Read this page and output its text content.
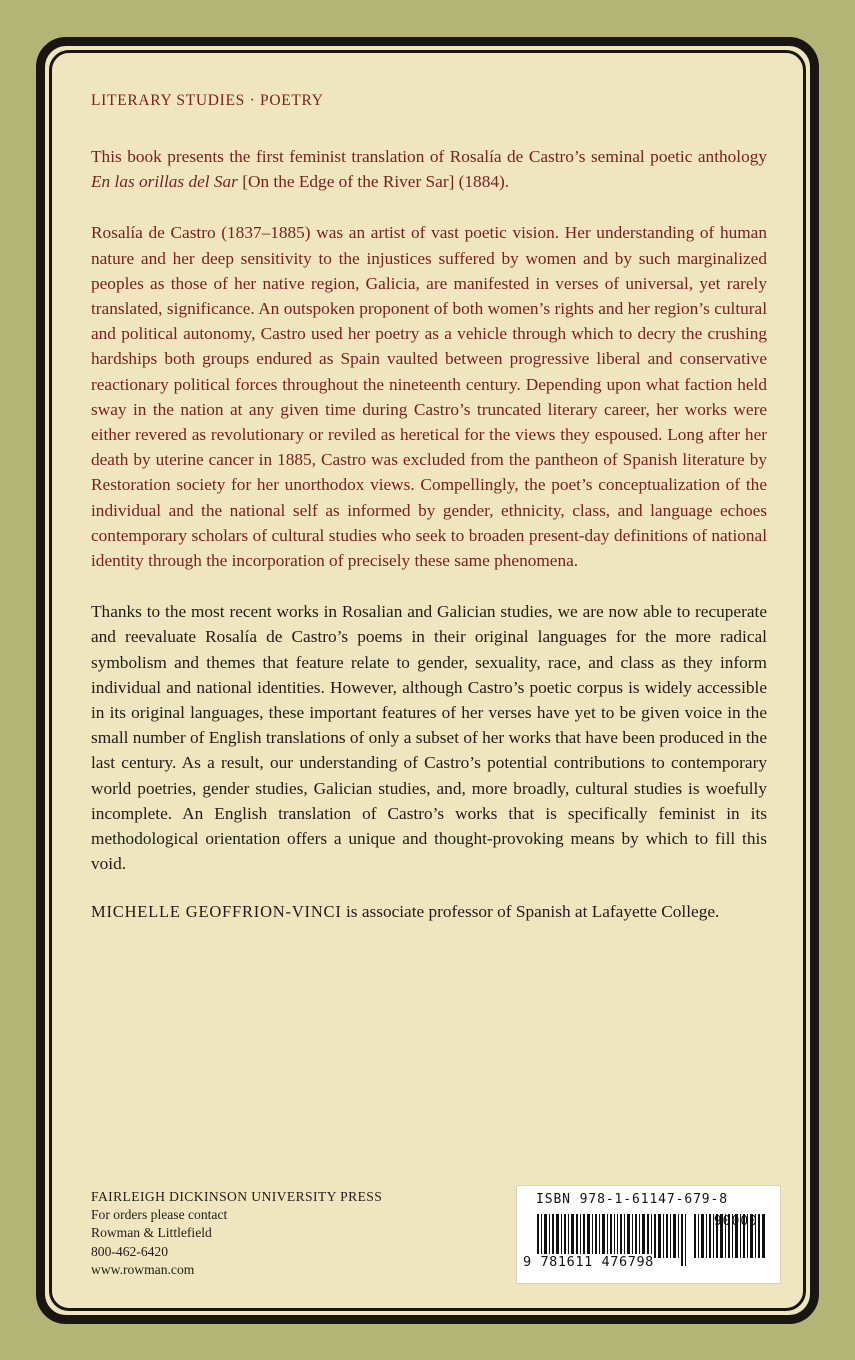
LITERARY STUDIES · POETRY

This book presents the first feminist translation of Rosalía de Castro’s seminal poetic anthology En las orillas del Sar [On the Edge of the River Sar] (1884).

Rosalía de Castro (1837–1885) was an artist of vast poetic vision. Her understanding of human nature and her deep sensitivity to the injustices suffered by women and by such marginalized peoples as those of her native region, Galicia, are manifested in verses of universal, yet rarely translated, significance. An outspoken proponent of both women’s rights and her region’s cultural and political autonomy, Castro used her poetry as a vehicle through which to decry the crushing hardships both groups endured as Spain vaulted between progressive liberal and conservative reactionary political forces throughout the nineteenth century. Depending upon what faction held sway in the nation at any given time during Castro’s truncated literary career, her works were either revered as revolutionary or reviled as heretical for the views they espoused. Long after her death by uterine cancer in 1885, Castro was excluded from the pantheon of Spanish literature by Restoration society for her unorthodox views. Compellingly, the poet’s conceptualization of the individual and the national self as informed by gender, ethnicity, class, and language echoes contemporary scholars of cultural studies who seek to broaden present-day definitions of national identity through the incorporation of precisely these same phenomena.

Thanks to the most recent works in Rosalian and Galician studies, we are now able to recuperate and reevaluate Rosalía de Castro’s poems in their original languages for the more radical symbolism and themes that feature relate to gender, sexuality, race, and class as they inform individual and national identities. However, although Castro’s poetic corpus is widely accessible in its original languages, these important features of her verses have yet to be given voice in the small number of English translations of only a subset of her works that have been produced in the last century. As a result, our understanding of Castro’s potential contributions to contemporary world poetries, gender studies, Galician studies, and, more broadly, cultural studies is woefully incomplete. An English translation of Castro’s works that is specifically feminist in its methodological orientation offers a unique and thought-provoking means by which to fill this void.

MICHELLE GEOFFRION-VINCI is associate professor of Spanish at Lafayette College.

FAIRLEIGH DICKINSON UNIVERSITY PRESS
For orders please contact
Rowman & Littlefield
800-462-6420
www.rowman.com
ISBN 978-1-61147-679-8
90000
9 781611 476798
